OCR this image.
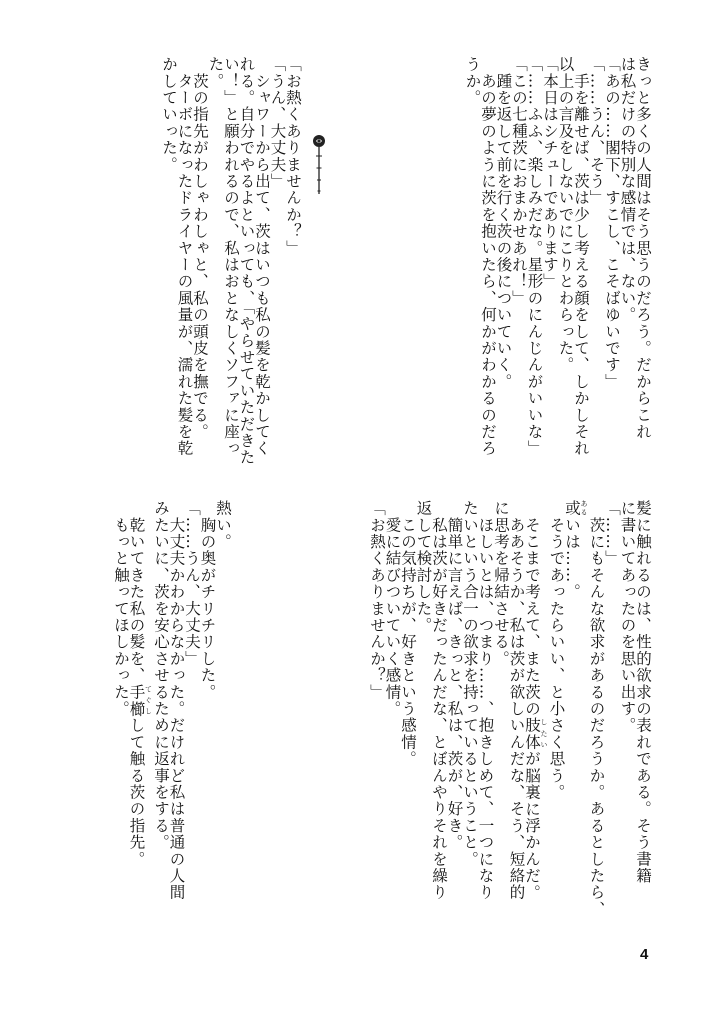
きっと多くの人間はそう思うのだろう。だからこれ
は私だけの特別な感情では、ない。
「あの……閣下、すこし、こそばゆいです」
「……うん、そう」
　手を離せば、茨は少し考える顔をして、しかしそれ
以上の言及をしないでにこりとわらった。
「本日はシチューであります」
「……ふふ、楽しみだな。星形のにんじんがいいな」
「この七種茨におまかせあれ！」
　踵を返して前を行く茨の後についていく。
　あの夢のように茨を抱いたら、何かがわかるのだろ
うか。
「お熱くありませんか？」
「うん、大丈夫」
　シャワーから出て、茨はいつも私の髪を乾かしてく
れる。自分でやるよといっても、「やらせていただきた
い！」と願われるので、私はおとなしくソファに座っ
た。
　茨の指先がわしゃわしゃと、私の頭皮を撫でる。
　ターボになったドライヤーの風量が、濡れた髪を乾
かしていった。
髪に触れるのは、性的欲求の表れである。そう書籍
に書いてあったのを思い出す。
「……」
　茨にもそんな欲求があるのだろうか。あるとしたら、
或 あるいは……。
　そうであったらいい、と小さく思う。
　そこまで考えて、また茨の肢体 したいが脳裏に浮かんだ。
　ああそうか、私は茨が欲しいんだな、そう、短絡的
に思考を帰結させる。
　ほしいとは、つまり……、抱きしめて、一つになり
たいという合一の欲求を持っているということ。
　簡単に言えば、きっと、私は、茨が、好き。
　私は茨が好きだったんだな、とぼんやりそれを繰り
返して検討した。
　この気持ちが、好きという感情。
　愛に結びついていく感情。
「お熱くありませんか？」
熱い。
　胸の奥がチリチリした。
「……うん、大丈夫」
　大丈夫かわからなかった。だけれど私は普通の人間
みたいに、茨を安心させるために返事をする。
　乾いてきた私の髪を、手櫛 てぐしして触る茨の指先。
　もっと触ってほしかった。
4
